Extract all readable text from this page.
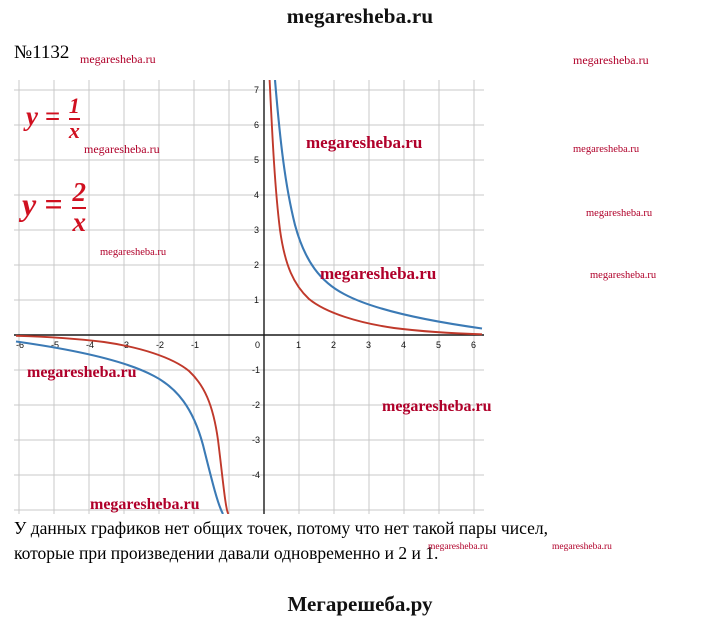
megaresheba.ru
№1132
-6	-5	-4	-3	-2	-1	0	1	2	3	4	5	6
7
6
5
4
3
2
1
-1
-2
-3
-4
$y = \frac{1}{x}$
$y = \frac{2}{x}$
У данных графиков нет общих точек, потому что нет такой пары чисел,
которые при произведении давали одновременно и 2 и 1.
Мегарешеба.ру
megaresheba.ru	megaresheba.ru
megaresheba.ru	megaresheba.ru	megaresheba.ru
megaresheba.ru
megaresheba.ru
megaresheba.ru	megaresheba.ru
megaresheba.ru
megaresheba.ru
megaresheba.ru
megaresheba.ru	megaresheba.ru
